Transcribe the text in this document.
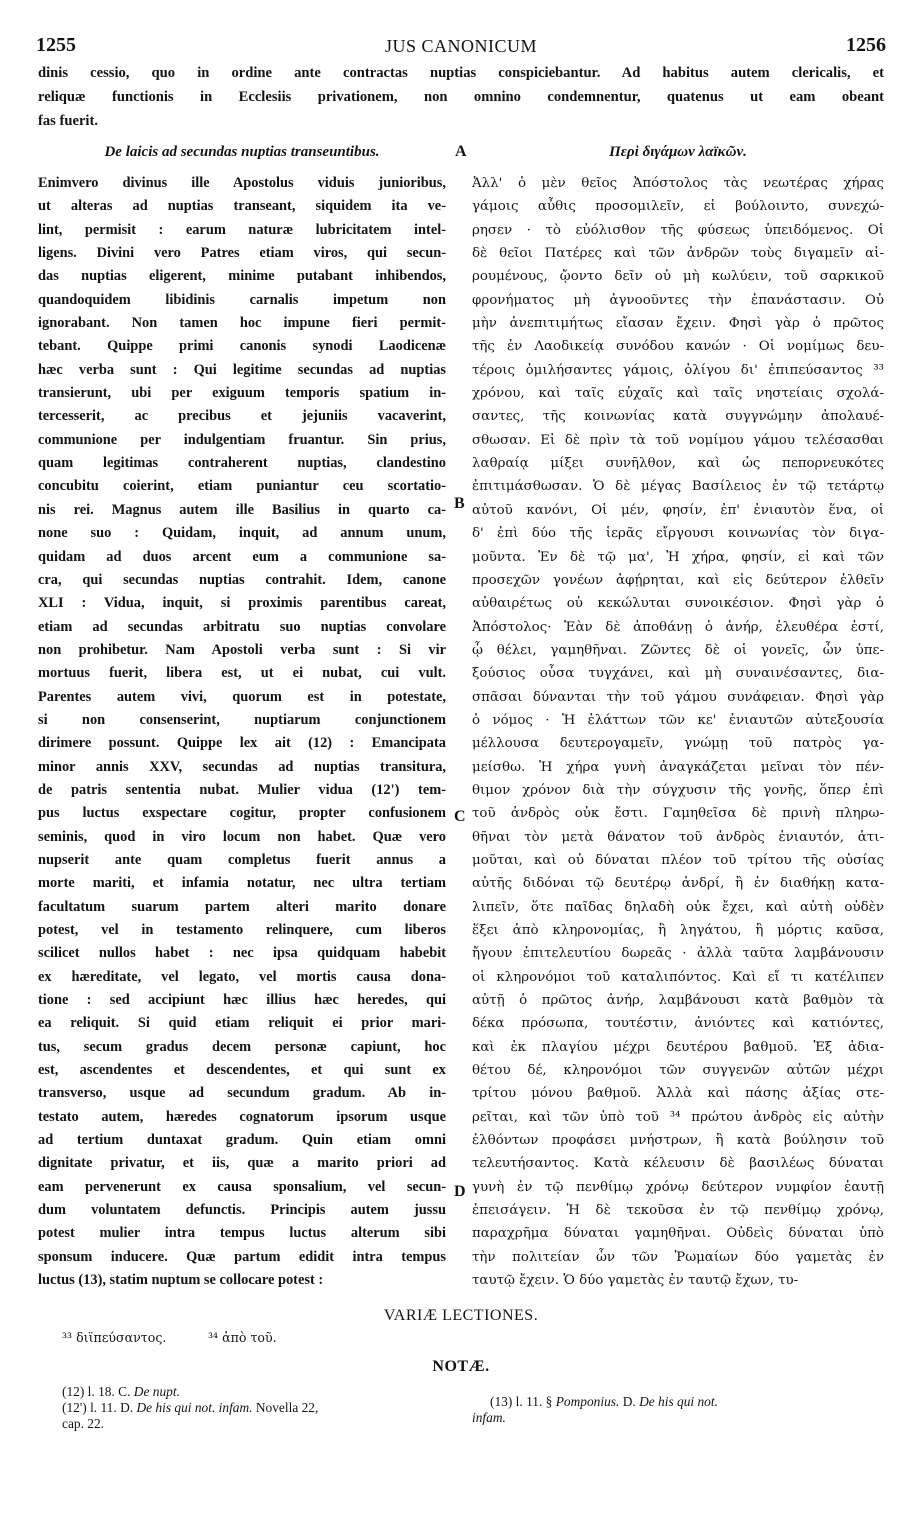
1255	JUS CANONICUM	1256
dinis cessio, quo in ordine ante contractas nuptias conspiciebantur. Ad habitus autem clericalis, et
reliquæ functionis in Ecclesiis privationem, non omnino condemnentur, quatenus ut eam obeant
fas fuerit.
De laicis ad secundas nuptias transeuntibus.
Enimvero divinus ille Apostolus viduis junioribus,
ut alteras ad nuptias transeant, siquidem ita ve-
lint, permisit : earum naturæ lubricitatem intel-
ligens. Divini vero Patres etiam viros, qui secun-
das nuptias eligerent, minime putabant inhibendos,
quandoquidem libidinis carnalis impetum non
ignorabant. Non tamen hoc impune fieri permit-
tebant. Quippe primi canonis synodi Laodicenæ
hæc verba sunt : Qui legitime secundas ad nuptias
transierunt, ubi per exiguum temporis spatium in-
tercesserit, ac precibus et jejuniis vacaverint,
communione per indulgentiam fruantur. Sin prius,
quam legitimas contraherent nuptias, clandestino
concubitu coierint, etiam puniantur ceu scortatio-
nis rei. Magnus autem ille Basilius in quarto ca-
none suo : Quidam, inquit, ad annum unum,
quidam ad duos arcent eum a communione sa-
cra, qui secundas nuptias contrahit. Idem, canone
XLI : Vidua, inquit, si proximis parentibus careat,
etiam ad secundas arbitratu suo nuptias convolare
non prohibetur. Nam Apostoli verba sunt : Si vir
mortuus fuerit, libera est, ut ei nubat, cui vult.
Parentes autem vivi, quorum est in potestate,
si non consenserint, nuptiarum conjunctionem
dirimere possunt. Quippe lex ait (12) : Emancipata
minor annis XXV, secundas ad nuptias transitura,
de patris sententia nubat. Mulier vidua (12') tem-
pus luctus exspectare cogitur, propter confusionem
seminis, quod in viro locum non habet. Quæ vero
nupserit ante quam completus fuerit annus a
morte mariti, et infamia notatur, nec ultra tertiam
facultatum suarum partem alteri marito donare
potest, vel in testamento relinquere, cum liberos
scilicet nullos habet : nec ipsa quidquam habebit
ex hæreditate, vel legato, vel mortis causa dona-
tione : sed accipiunt hæc illius hæc heredes, qui
ea reliquit. Si quid etiam reliquit ei prior mari-
tus, secum gradus decem personæ capiunt, hoc
est, ascendentes et descendentes, et qui sunt ex
transverso, usque ad secundum gradum. Ab in-
testato autem, hæredes cognatorum ipsorum usque
ad tertium duntaxat gradum. Quin etiam omni
dignitate privatur, et iis, quæ a marito priori ad
eam pervenerunt ex causa sponsalium, vel secun-
dum voluntatem defunctis. Principis autem jussu
potest mulier intra tempus luctus alterum sibi
sponsum inducere. Quæ partum edidit intra tempus
luctus (13), statim nuptum se collocare potest :
Περὶ διγάμων λαϊκῶν.
Ἀλλ' ὁ μὲν θεῖος Ἀπόστολος τὰς νεωτέρας χήρας
γάμοις αὖθις προσομιλεῖν, εἰ βούλοιντο, συνεχώ-
ρησεν · τὸ εὐόλισθον τῆς φύσεως ὑπειδόμενος. Οἱ
δὲ θεῖοι Πατέρες καὶ τῶν ἀνδρῶν τοὺς διγαμεῖν αἱ-
ρουμένους, ᾤοντο δεῖν οὐ μὴ κωλύειν, τοῦ σαρκικοῦ
φρονήματος μὴ ἀγνοοῦντες τὴν ἐπανάστασιν. Οὐ
μὴν ἀνεπιτιμήτως εἴασαν ἔχειν. Φησὶ γὰρ ὁ πρῶτος
τῆς ἐν Λαοδικείᾳ συνόδου κανών · Οἱ νομίμως δευ-
τέροις ὁμιλήσαντες γάμοις, ὀλίγου δι' ἐπιπεύσαντος ³³
χρόνου, καὶ ταῖς εὐχαῖς καὶ ταῖς νηστείαις σχολά-
σαντες, τῆς κοινωνίας κατὰ συγγνώμην ἀπολαυέ-
σθωσαν. Εἰ δὲ πρὶν τὰ τοῦ νομίμου γάμου τελέσασθαι
λαθραίᾳ μίξει συνῆλθον, καὶ ὡς πεπορνευκότες
ἐπιτιμάσθωσαν. Ὁ δὲ μέγας Βασίλειος ἐν τῷ τετάρτῳ
αὐτοῦ κανόνι, Οἱ μέν, φησίν, ἐπ' ἐνιαυτὸν ἕνα, οἱ
δ' ἐπὶ δύο τῆς ἱερᾶς εἴργουσι κοινωνίας τὸν διγα-
μοῦντα. Ἐν δὲ τῷ μα', Ἡ χήρα, φησίν, εἰ καὶ τῶν
προσεχῶν γονέων ἀφῄρηται, καὶ εἰς δεύτερον ἐλθεῖν
αὐθαιρέτως οὐ κεκώλυται συνοικέσιον. Φησὶ γὰρ ὁ
Ἀπόστολος· Ἐὰν δὲ ἀποθάνῃ ὁ ἀνήρ, ἐλευθέρα ἐστί,
ᾧ θέλει, γαμηθῆναι. Ζῶντες δὲ οἱ γονεῖς, ὧν ὑπε-
ξούσιος οὖσα τυγχάνει, καὶ μὴ συναινέσαντες, δια-
σπᾶσαι δύνανται τὴν τοῦ γάμου συνάφειαν. Φησὶ γὰρ
ὁ νόμος · Ἡ ἐλάττων τῶν κε' ἐνιαυτῶν αὐτεξουσία
μέλλουσα δευτερογαμεῖν, γνώμῃ τοῦ πατρὸς γα-
μείσθω. Ἡ χήρα γυνὴ ἀναγκάζεται μεῖναι τὸν πέν-
θιμον χρόνον διὰ τὴν σύγχυσιν τῆς γονῆς, ὅπερ ἐπὶ
τοῦ ἀνδρὸς οὐκ ἔστι. Γαμηθεῖσα δὲ πρινὴ πληρω-
θῆναι τὸν μετὰ θάνατον τοῦ ἀνδρὸς ἐνιαυτόν, ἀτι-
μοῦται, καὶ οὐ δύναται πλέον τοῦ τρίτου τῆς οὐσίας
αὐτῆς διδόναι τῷ δευτέρῳ ἀνδρί, ἢ ἐν διαθήκῃ κατα-
λιπεῖν, ὅτε παῖδας δηλαδὴ οὐκ ἔχει, καὶ αὐτὴ οὐδὲν
ἕξει ἀπὸ κληρονομίας, ἢ ληγάτου, ἢ μόρτις καῦσα,
ἤγουν ἐπιτελευτίου δωρεᾶς · ἀλλὰ ταῦτα λαμβάνουσιν
οἱ κληρονόμοι τοῦ καταλιπόντος. Καὶ εἴ τι κατέλιπεν
αὐτῇ ὁ πρῶτος ἀνήρ, λαμβάνουσι κατὰ βαθμὸν τὰ
δέκα πρόσωπα, τουτέστιν, ἀνιόντες καὶ κατιόντες,
καὶ ἐκ πλαγίου μέχρι δευτέρου βαθμοῦ. Ἐξ ἀδια-
θέτου δέ, κληρονόμοι τῶν συγγενῶν αὐτῶν μέχρι
τρίτου μόνου βαθμοῦ. Ἀλλὰ καὶ πάσης ἀξίας στε-
ρεῖται, καὶ τῶν ὑπὸ τοῦ ³⁴ πρώτου ἀνδρὸς εἰς αὐτὴν
ἐλθόντων προφάσει μνήστρων, ἢ κατὰ βούλησιν τοῦ
τελευτήσαντος. Κατὰ κέλευσιν δὲ βασιλέως δύναται
γυνὴ ἐν τῷ πενθίμῳ χρόνῳ δεύτερον νυμφίον ἑαυτῇ
ἐπεισάγειν. Ἡ δὲ τεκοῦσα ἐν τῷ πενθίμῳ χρόνῳ,
παραχρῆμα δύναται γαμηθῆναι. Οὐδεὶς δύναται ὑπὸ
τὴν πολιτείαν ὧν τῶν Ῥωμαίων δύο γαμετὰς ἐν
ταυτῷ ἔχειν. Ὁ δύο γαμετὰς ἐν ταυτῷ ἔχων, τυ-
A
B
C
D
VARIÆ LECTIONES.
³³ διϊπεύσαντος.	³⁴ ἀπὸ τοῦ.
NOTÆ.
(12) l. 18. C. De nupt.
(12') l. 11. D. De his qui not. infam. Novella 22,
cap. 22.
(13) l. 11. § Pomponius. D. De his qui not.
infam.
